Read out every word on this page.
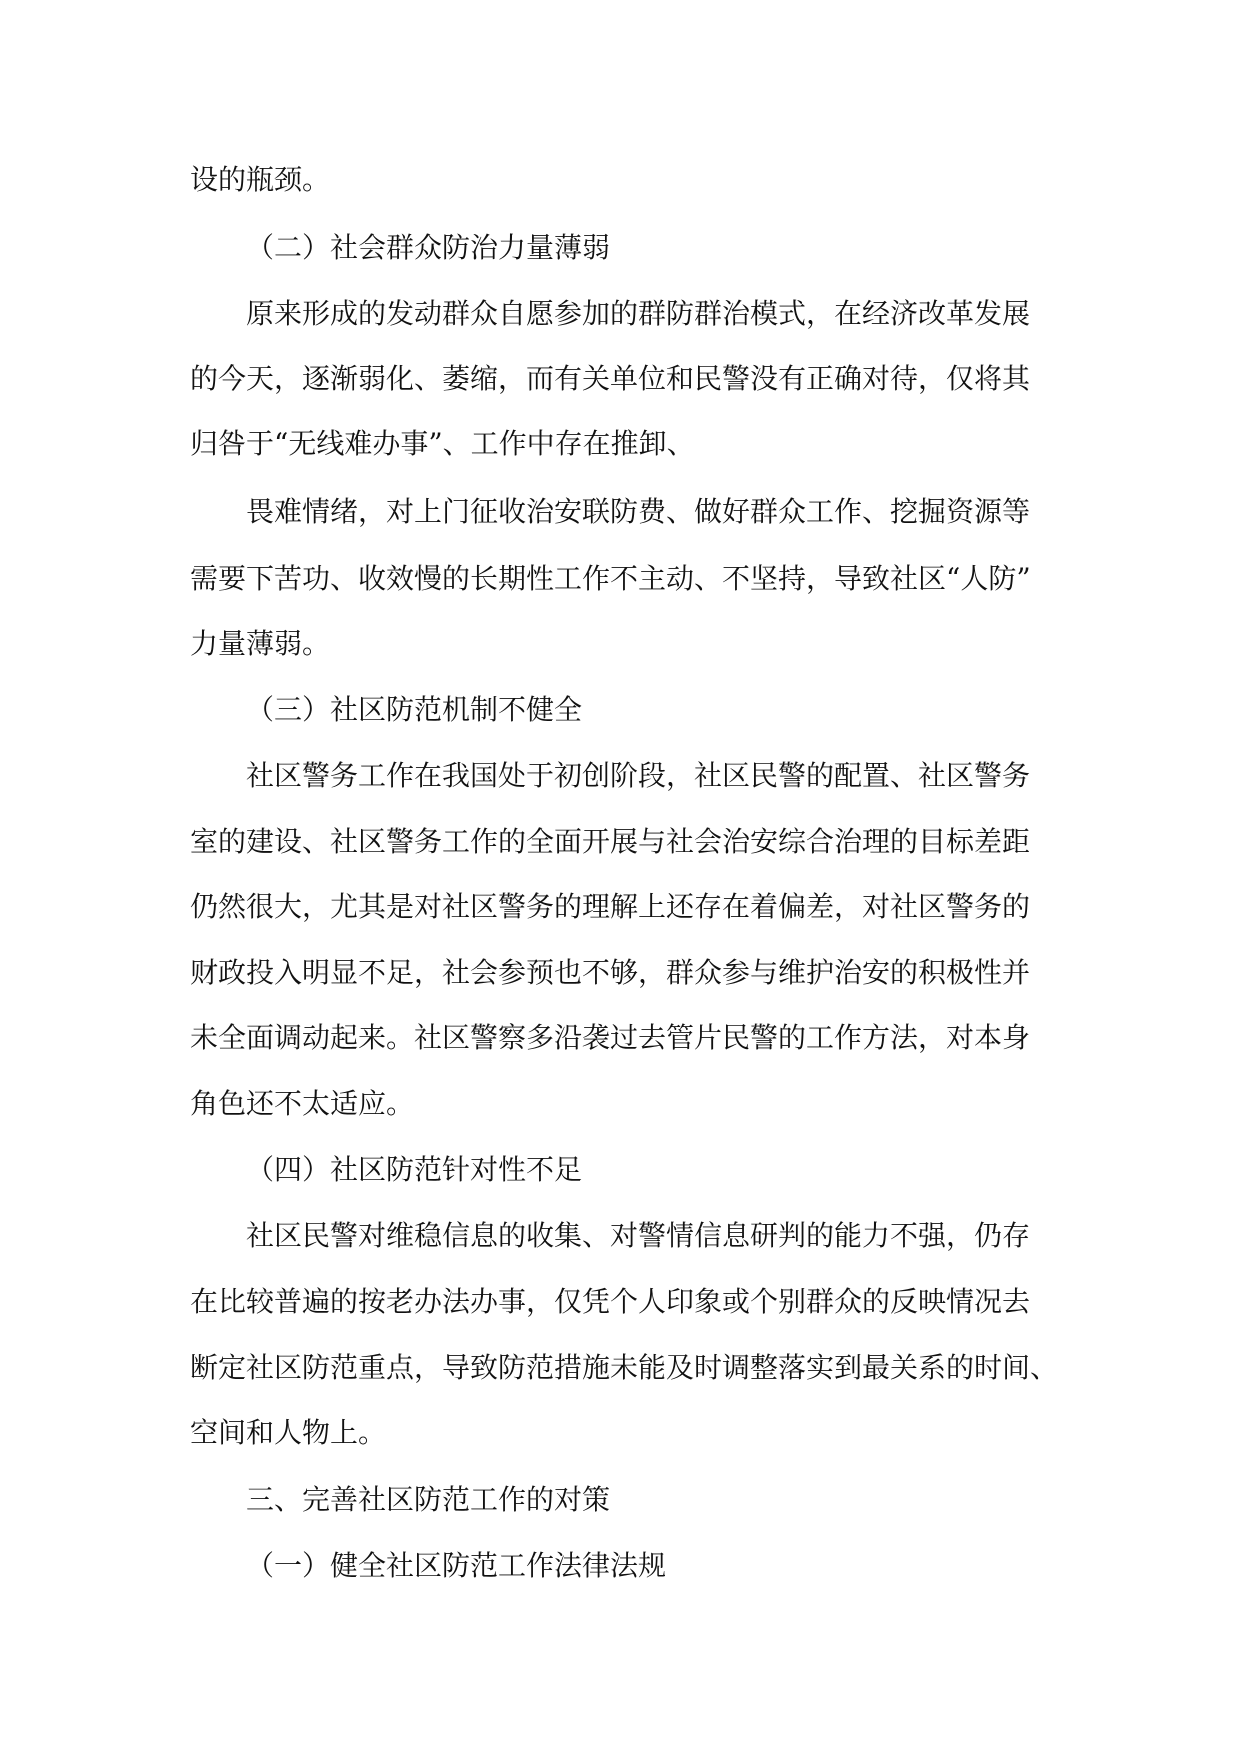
设的瓶颈。

（二）社会群众防治力量薄弱

原来形成的发动群众自愿参加的群防群治模式，在经济改革发展

的今天，逐渐弱化、萎缩，而有关单位和民警没有正确对待，仅将其

归咎于“无线难办事”、工作中存在推卸、

畏难情绪，对上门征收治安联防费、做好群众工作、挖掘资源等

需要下苦功、收效慢的长期性工作不主动、不坚持，导致社区“人防”

力量薄弱。

（三）社区防范机制不健全

社区警务工作在我国处于初创阶段，社区民警的配置、社区警务

室的建设、社区警务工作的全面开展与社会治安综合治理的目标差距

仍然很大，尤其是对社区警务的理解上还存在着偏差，对社区警务的

财政投入明显不足，社会参预也不够，群众参与维护治安的积极性并

未全面调动起来。社区警察多沿袭过去管片民警的工作方法，对本身

角色还不太适应。

（四）社区防范针对性不足

社区民警对维稳信息的收集、对警情信息研判的能力不强，仍存

在比较普遍的按老办法办事，仅凭个人印象或个别群众的反映情况去

断定社区防范重点，导致防范措施未能及时调整落实到最关系的时间、

空间和人物上。

三、完善社区防范工作的对策

（一）健全社区防范工作法律法规
